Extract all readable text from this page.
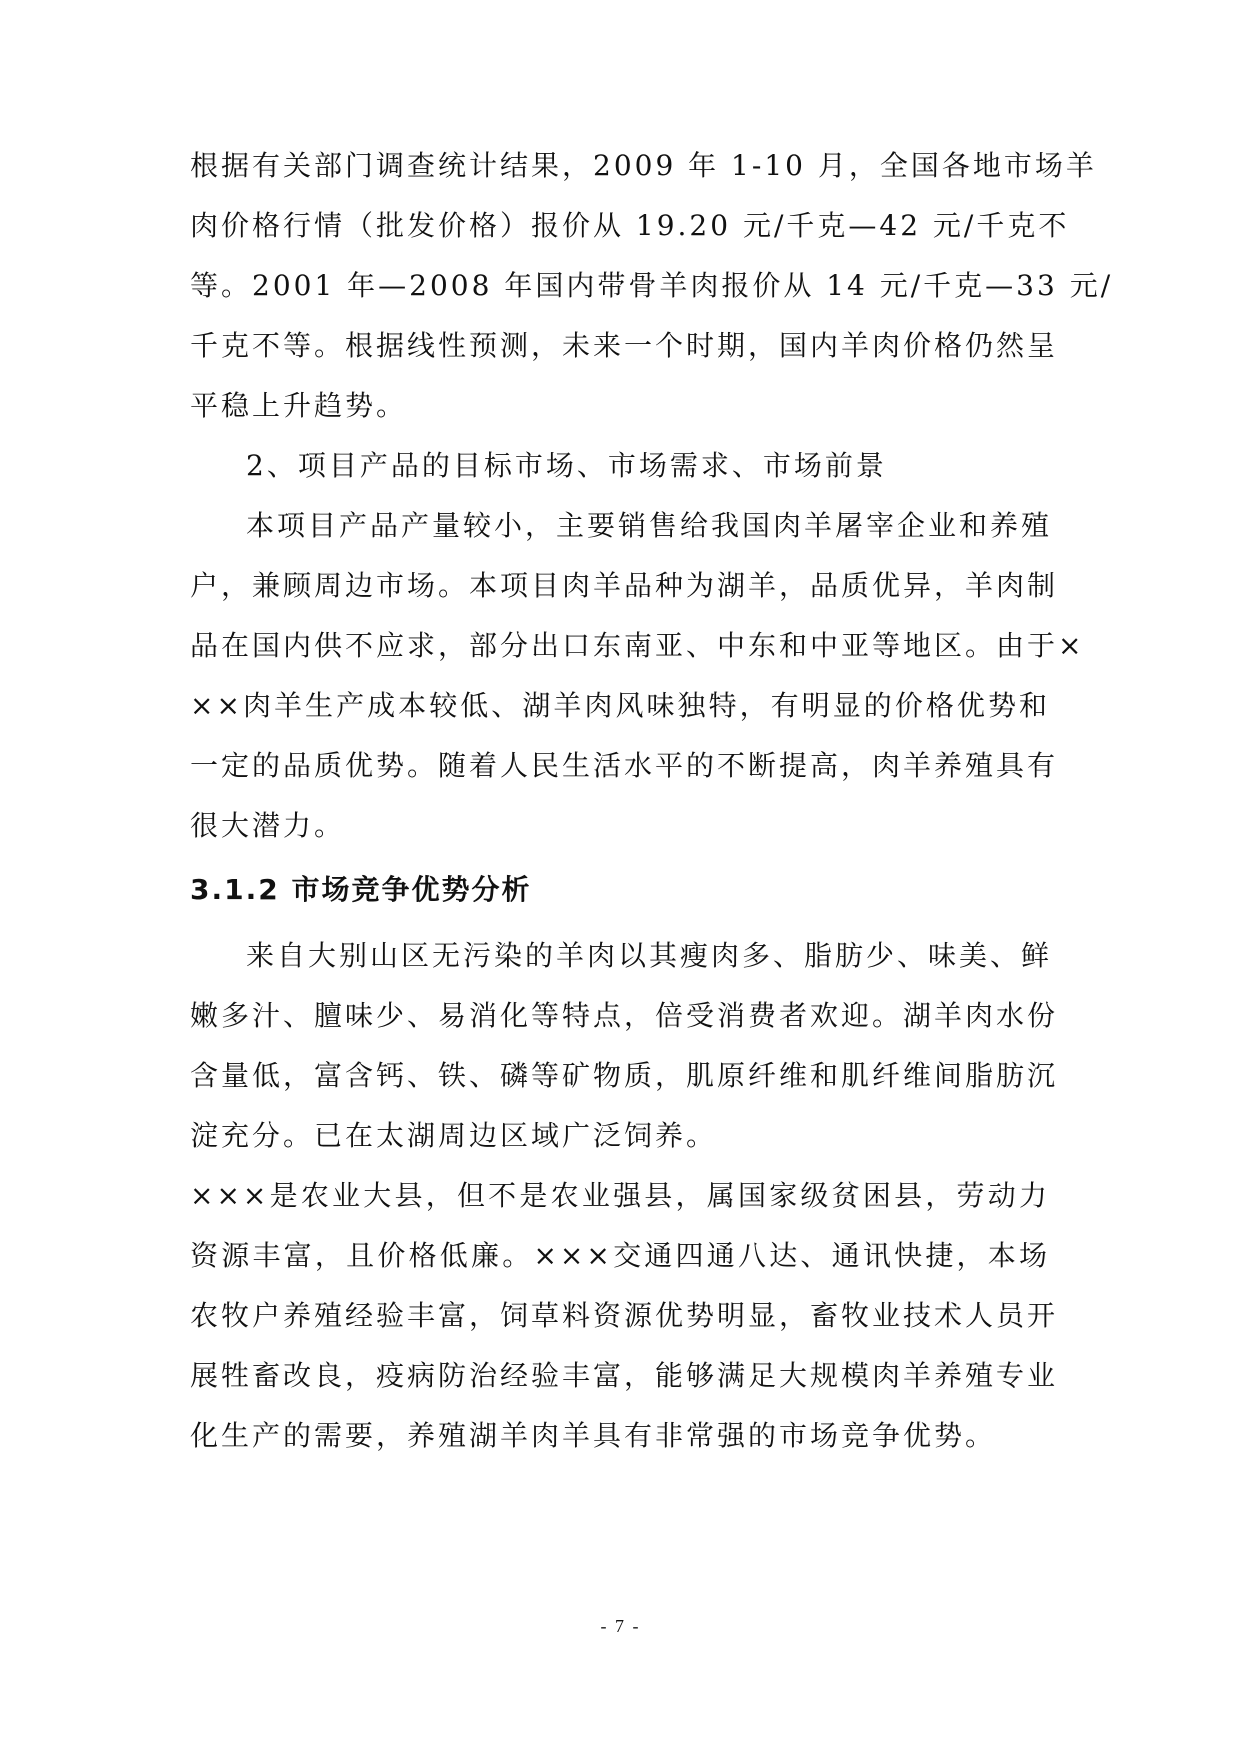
根据有关部门调查统计结果，2009 年 1-10 月，全国各地市场羊
肉价格行情（批发价格）报价从 19.20 元/千克—42 元/千克不
等。2001 年—2008 年国内带骨羊肉报价从 14 元/千克—33 元/
千克不等。根据线性预测，未来一个时期，国内羊肉价格仍然呈
平稳上升趋势。
2、项目产品的目标市场、市场需求、市场前景
本项目产品产量较小，主要销售给我国肉羊屠宰企业和养殖
户，兼顾周边市场。本项目肉羊品种为湖羊，品质优异，羊肉制
品在国内供不应求，部分出口东南亚、中东和中亚等地区。由于×
××肉羊生产成本较低、湖羊肉风味独特，有明显的价格优势和
一定的品质优势。随着人民生活水平的不断提高，肉羊养殖具有
很大潜力。
3.1.2 市场竞争优势分析
来自大别山区无污染的羊肉以其瘦肉多、脂肪少、味美、鲜
嫩多汁、膻味少、易消化等特点，倍受消费者欢迎。湖羊肉水份
含量低，富含钙、铁、磷等矿物质，肌原纤维和肌纤维间脂肪沉
淀充分。已在太湖周边区域广泛饲养。
×××是农业大县，但不是农业强县，属国家级贫困县，劳动力
资源丰富，且价格低廉。×××交通四通八达、通讯快捷，本场
农牧户养殖经验丰富，饲草料资源优势明显，畜牧业技术人员开
展牲畜改良，疫病防治经验丰富，能够满足大规模肉羊养殖专业
化生产的需要，养殖湖羊肉羊具有非常强的市场竞争优势。
- 7 -
